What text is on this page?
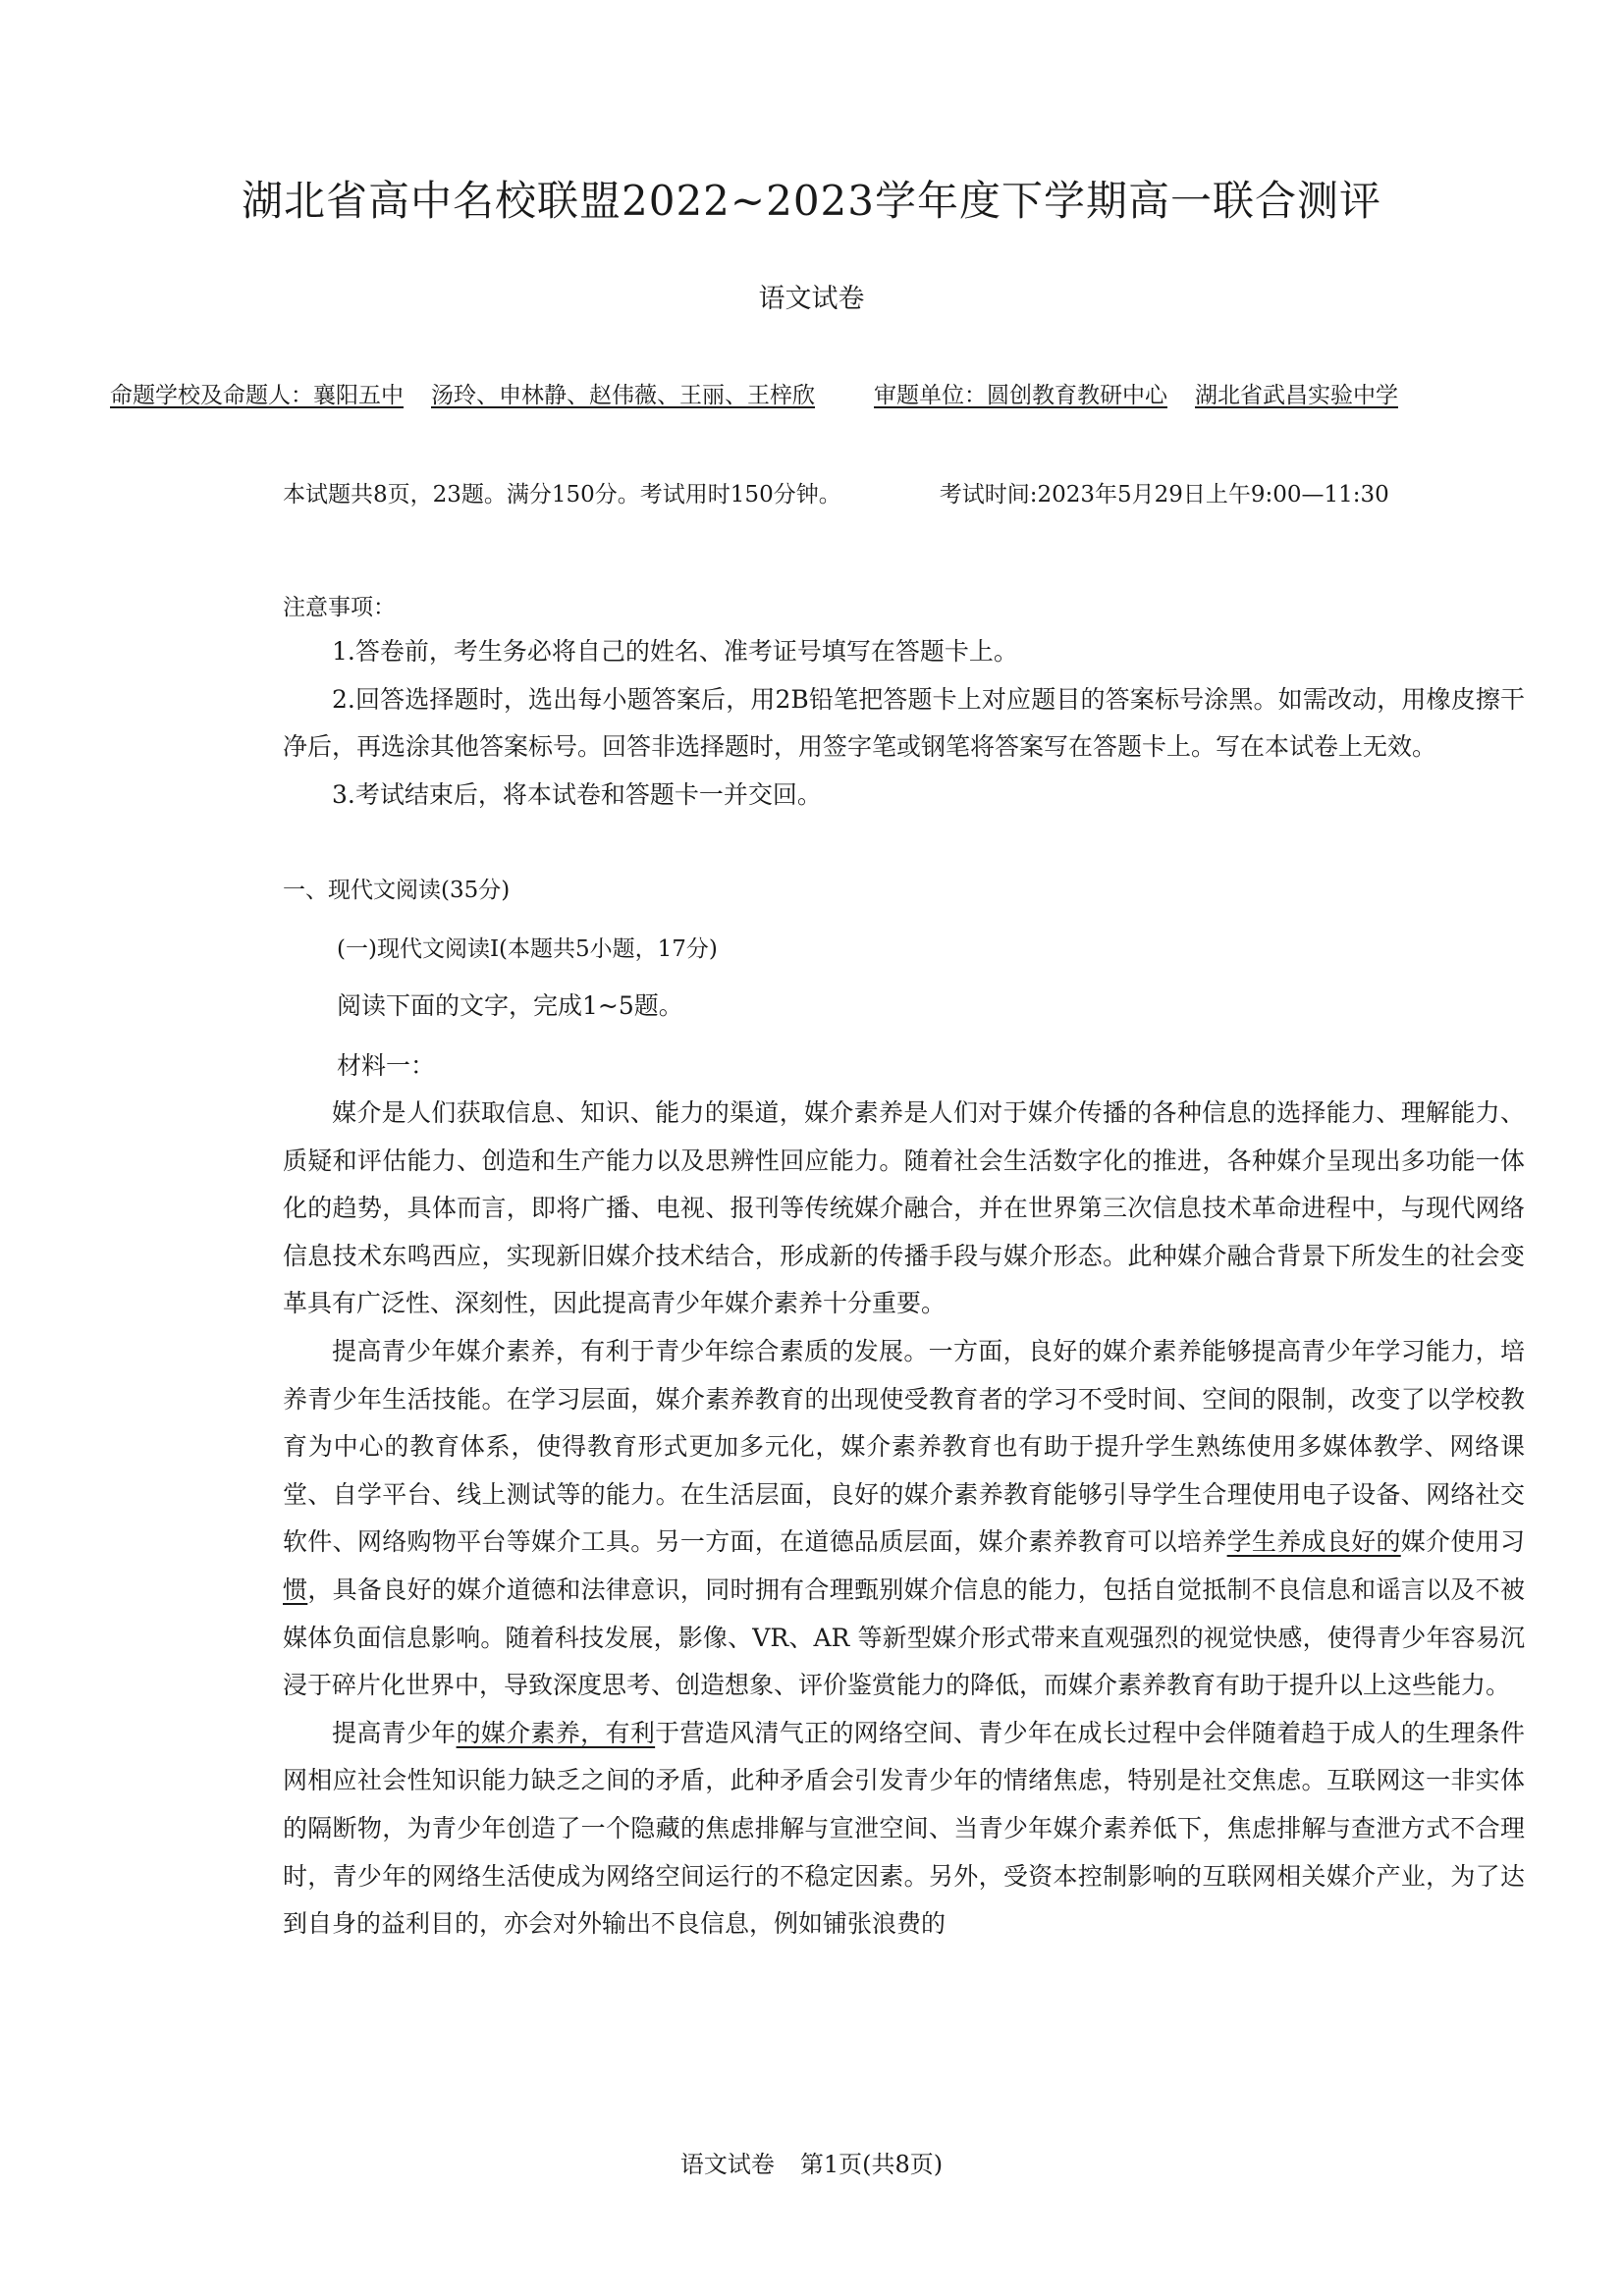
湖北省高中名校联盟2022~2023学年度下学期高一联合测评
语文试卷
命题学校及命题人：襄阳五中 汤玲、申林静、赵伟薇、王丽、王梓欣	审题单位：圆创教育教研中心 湖北省武昌实验中学
本试题共8页，23题。满分150分。考试用时150分钟。	考试时间:2023年5月29日上午9:00—11:30
注意事项：

1.答卷前，考生务必将自己的姓名、准考证号填写在答题卡上。

2.回答选择题时，选出每小题答案后，用2B铅笔把答题卡上对应题目的答案标号涂黑。如需改动，用橡皮擦干净后，再选涂其他答案标号。回答非选择题时，用签字笔或钢笔将答案写在答题卡上。写在本试卷上无效。

3.考试结束后，将本试卷和答题卡一并交回。

一、现代文阅读(35分)
(一)现代文阅读Ⅰ(本题共5小题，17分)
阅读下面的文字，完成1~5题。
材料一：

媒介是人们获取信息、知识、能力的渠道，媒介素养是人们对于媒介传播的各种信息的选择能力、理解能力、质疑和评估能力、创造和生产能力以及思辨性回应能力。随着社会生活数字化的推进，各种媒介呈现出多功能一体化的趋势，具体而言，即将广播、电视、报刊等传统媒介融合，并在世界第三次信息技术革命进程中，与现代网络信息技术东鸣西应，实现新旧媒介技术结合，形成新的传播手段与媒介形态。此种媒介融合背景下所发生的社会变革具有广泛性、深刻性，因此提高青少年媒介素养十分重要。

提高青少年媒介素养，有利于青少年综合素质的发展。一方面，良好的媒介素养能够提高青少年学习能力，培养青少年生活技能。在学习层面，媒介素养教育的出现使受教育者的学习不受时间、空间的限制，改变了以学校教育为中心的教育体系，使得教育形式更加多元化，媒介素养教育也有助于提升学生熟练使用多媒体教学、网络课堂、自学平台、线上测试等的能力。在生活层面，良好的媒介素养教育能够引导学生合理使用电子设备、网络社交软件、网络购物平台等媒介工具。另一方面，在道德品质层面，媒介素养教育可以培养学生养成良好的媒介使用习惯，具备良好的媒介道德和法律意识，同时拥有合理甄别媒介信息的能力，包括自觉抵制不良信息和谣言以及不被媒体负面信息影响。随着科技发展，影像、VR、AR 等新型媒介形式带来直观强烈的视觉快感，使得青少年容易沉浸于碎片化世界中，导致深度思考、创造想象、评价鉴赏能力的降低，而媒介素养教育有助于提升以上这些能力。

提高青少年的媒介素养，有利于营造风清气正的网络空间、青少年在成长过程中会伴随着趋于成人的生理条件网相应社会性知识能力缺乏之间的矛盾，此种矛盾会引发青少年的情绪焦虑，特别是社交焦虑。互联网这一非实体的隔断物，为青少年创造了一个隐藏的焦虑排解与宣泄空间、当青少年媒介素养低下，焦虑排解与查泄方式不合理时，青少年的网络生活使成为网络空间运行的不稳定因素。另外，受资本控制影响的互联网相关媒介产业，为了达到自身的益利目的，亦会对外输出不良信息，例如铺张浪费的

语文试卷 第1页(共8页)
